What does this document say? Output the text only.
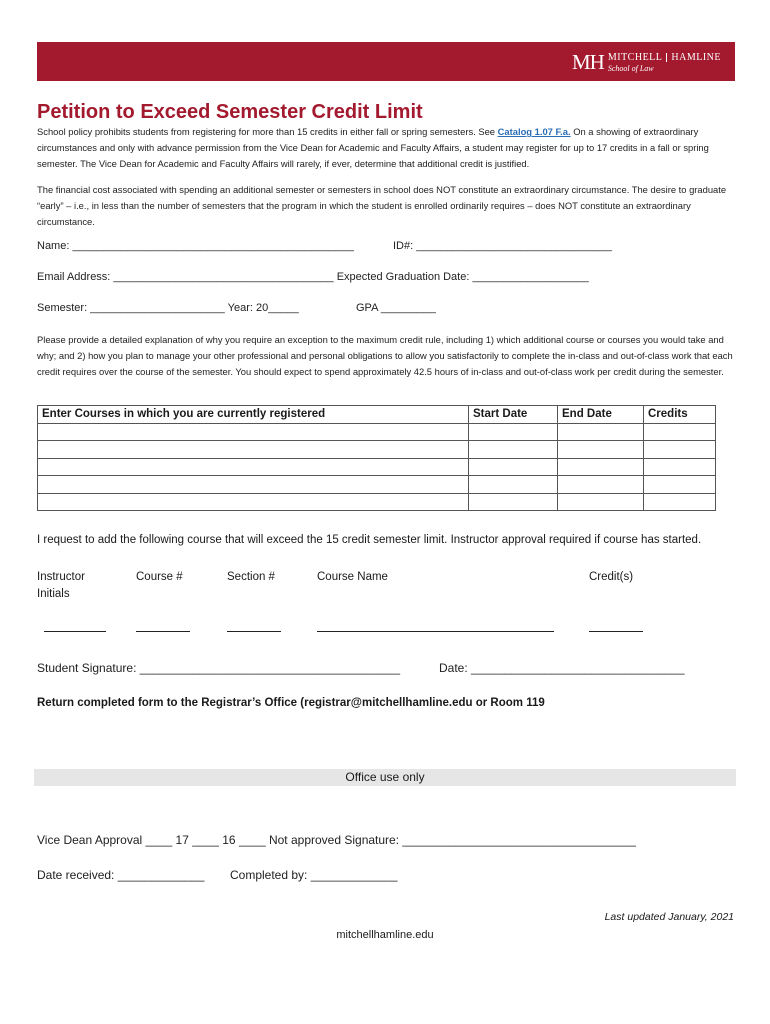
MH MITCHELL HAMLINE
School of Law
Petition to Exceed Semester Credit Limit
School policy prohibits students from registering for more than 15 credits in either fall or spring semesters. See Catalog 1.07 F.a. On a showing of extraordinary circumstances and only with advance permission from the Vice Dean for Academic and Faculty Affairs, a student may register for up to 17 credits in a fall or spring semester. The Vice Dean for Academic and Faculty Affairs will rarely, if ever, determine that additional credit is justified.
The financial cost associated with spending an additional semester or semesters in school does NOT constitute an extraordinary circumstance. The desire to graduate “early” – i.e., in less than the number of semesters that the program in which the student is enrolled ordinarily requires – does NOT constitute an extraordinary circumstance.
Name: ______________________________________________	ID#: ________________________________
Email Address: ____________________________________ Expected Graduation Date: ___________________
Semester: ______________________ Year: 20_____	GPA _________
Please provide a detailed explanation of why you require an exception to the maximum credit rule, including 1) which additional course or courses you would take and why; and 2) how you plan to manage your other professional and personal obligations to allow you satisfactorily to complete the in-class and out-of-class work that each credit requires over the course of the semester. You should expect to spend approximately 42.5 hours of in-class and out-of-class work per credit during the semester.
Enter Courses in which you are currently registered	Start Date	End Date	Credits

I request to add the following course that will exceed the 15 credit semester limit. Instructor approval required if course has started.
Instructor
Initials
Course #	Section #	Course Name	Credit(s)
Student Signature: _______________________________________	Date: ________________________________
Return completed form to the Registrar’s Office (registrar@mitchellhamline.edu or Room 119
Office use only
Vice Dean Approval ____ 17 ____ 16 ____ Not approved Signature: ___________________________________
Date received: _____________ Completed by: _____________
Last updated January, 2021
mitchellhamline.edu
